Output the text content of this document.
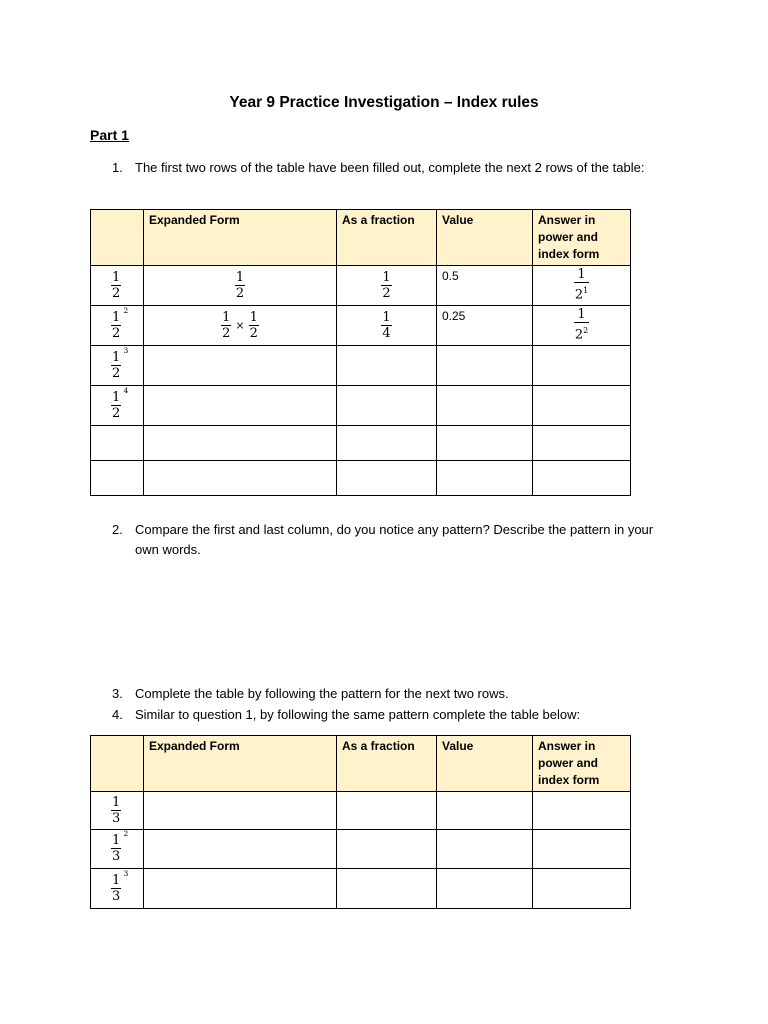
Year 9 Practice Investigation – Index rules
Part 1
1. The first two rows of the table have been filled out, complete the next 2 rows of the table:
	Expanded Form	As a fraction	Value	Answer in power and index form

$\frac{1}{2}$	$\frac{1}{2}$	$\frac{1}{2}$	0.5	$\frac{1}{2^1}$

$\frac{1}{2} 2$	$\frac{1}{2} \times \frac{1}{2}$	$\frac{1}{4}$	0.25	$\frac{1}{2^2}$

$\frac{1}{2} 3$				

$\frac{1}{2} 4$				

2. Compare the first and last column, do you notice any pattern? Describe the pattern in your own words.
3. Complete the table by following the pattern for the next two rows.
4. Similar to question 1, by following the same pattern complete the table below:
	Expanded Form	As a fraction	Value	Answer in power and index form

$\frac{1}{3}$

$\frac{1}{3} 2$				

$\frac{1}{3} 3$				
